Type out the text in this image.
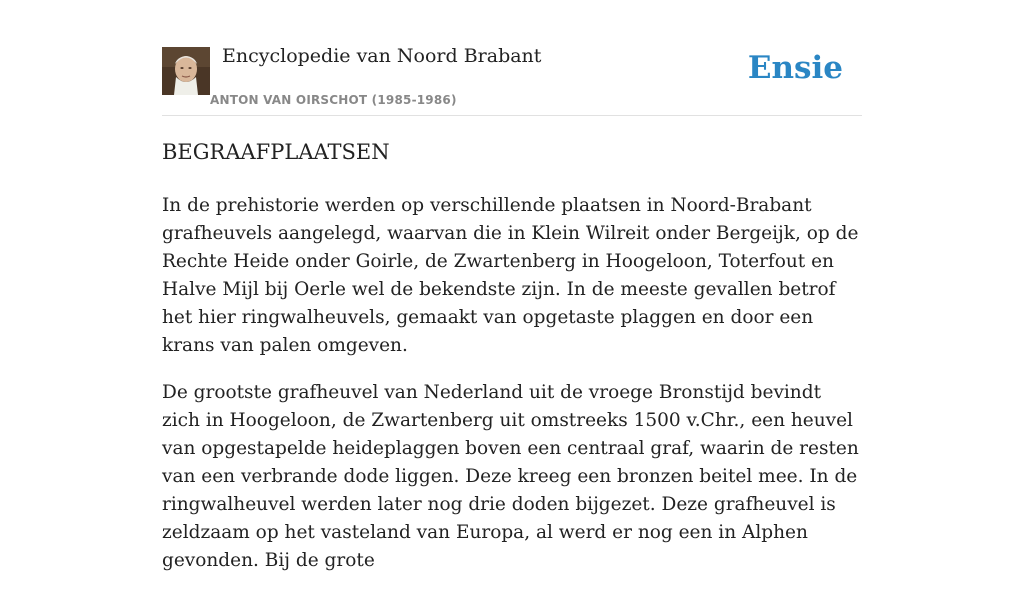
Encyclopedie van Noord Brabant
ANTON VAN OIRSCHOT (1985-1986)
Ensie
BEGRAAFPLAATSEN

In de prehistorie werden op verschillende plaatsen in Noord-Brabant grafheuvels aangelegd, waarvan die in Klein Wilreit onder Bergeijk, op de Rechte Heide onder Goirle, de Zwartenberg in Hoogeloon, Toterfout en Halve Mijl bij Oerle wel de bekendste zijn. In de meeste gevallen betrof het hier ringwalheuvels, gemaakt van opgetaste plaggen en door een krans van palen omgeven.

De grootste grafheuvel van Nederland uit de vroege Bronstijd bevindt zich in Hoogeloon, de Zwartenberg uit omstreeks 1500 v.Chr., een heuvel van opgestapelde heideplaggen boven een centraal graf, waarin de resten van een verbrande dode liggen. Deze kreeg een bronzen beitel mee. In de ringwalheuvel werden later nog drie doden bijgezet. Deze grafheuvel is zeldzaam op het vasteland van Europa, al werd er nog een in Alphen gevonden. Bij de grote
